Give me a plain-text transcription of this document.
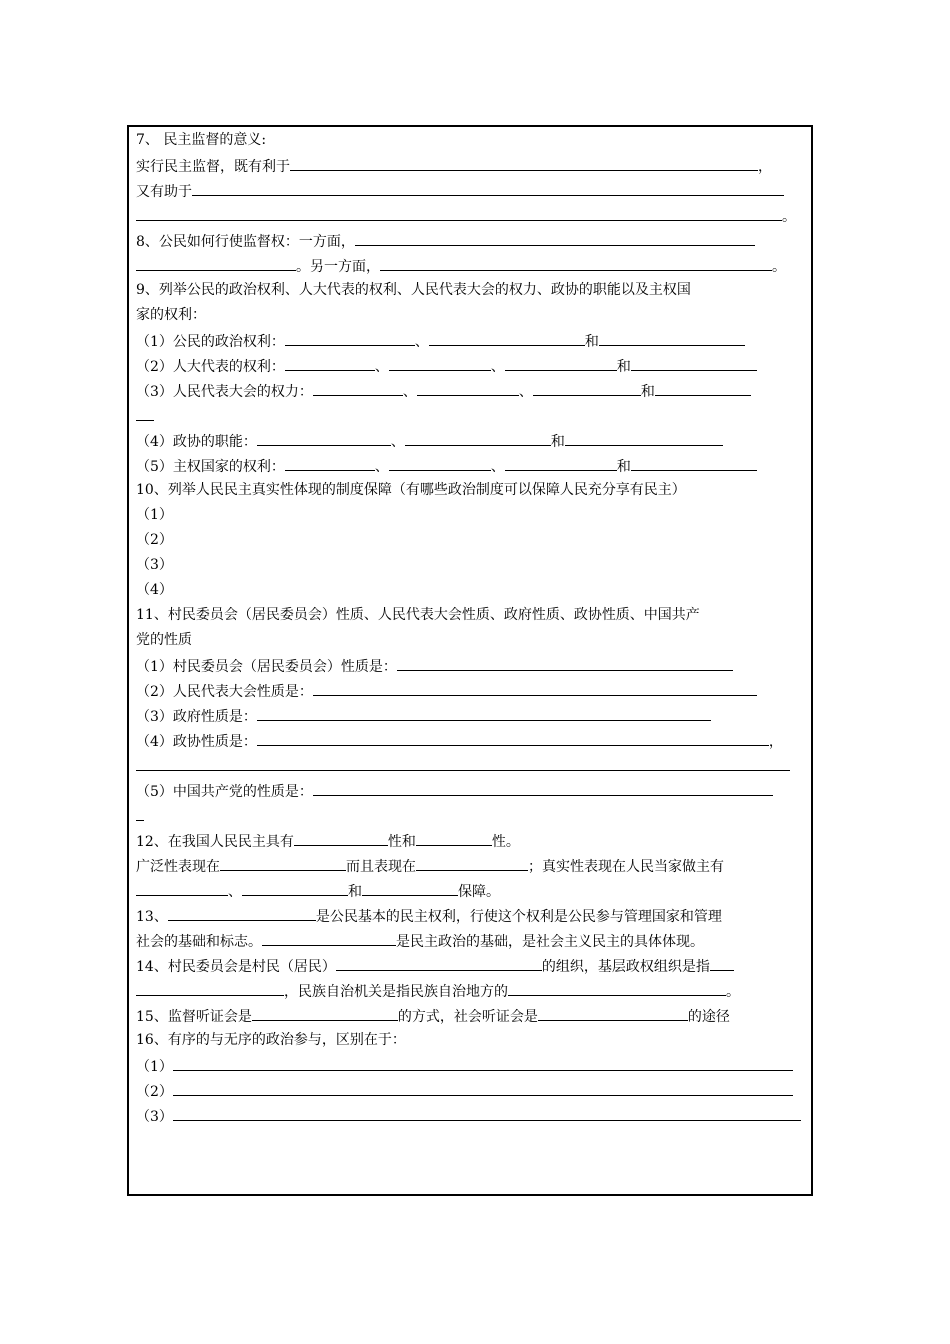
7、 民主监督的意义:
实行民主监督，既有利于	，
又有助于
。
8、公民如何行使监督权：一方面，
。另一方面，	。
9、列举公民的政治权利、人大代表的权利、人民代表大会的权力、政协的职能以及主权国
家的权利：
（1）公民的政治权利：	、	和
（2）人大代表的权利：	、	、	和
（3）人民代表大会的权力：	、	、	和
（4）政协的职能：	、	和
（5）主权国家的权利：	、	、	和
10、列举人民民主真实性体现的制度保障（有哪些政治制度可以保障人民充分享有民主）
（1）
（2）
（3）
（4）
11、村民委员会（居民委员会）性质、人民代表大会性质、政府性质、政协性质、中国共产
党的性质
（1）村民委员会（居民委员会）性质是：
（2）人民代表大会性质是：
（3）政府性质是：
（4）政协性质是：	，
（5）中国共产党的性质是：
12、在我国人民民主具有	性和	性。
广泛性表现在	而且表现在	；真实性表现在人民当家做主有
、	和	保障。
13、	是公民基本的民主权利，行使这个权利是公民参与管理国家和管理
社会的基础和标志。	是民主政治的基础，是社会主义民主的具体体现。
14、村民委员会是村民（居民）	的组织，基层政权组织是指
，民族自治机关是指民族自治地方的	。
15、监督听证会是	的方式，社会听证会是	的途径
16、有序的与无序的政治参与，区别在于：
（1）
（2）
（3）
